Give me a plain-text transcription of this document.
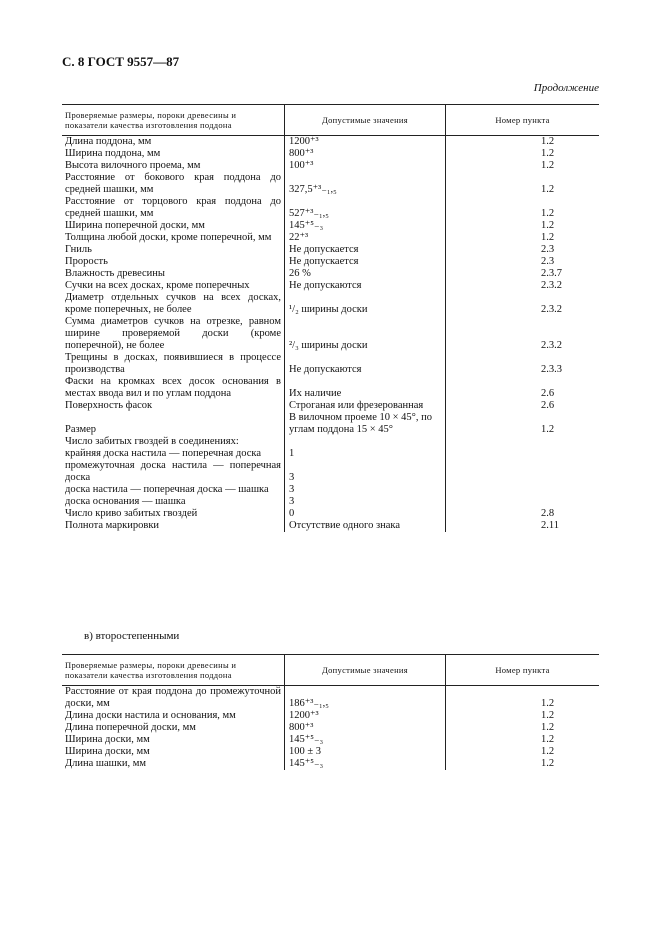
С. 8 ГОСТ 9557—87
Продолжение
Проверяемые размеры, пороки древесины и показатели качества изготовления поддона	Допустимые значения	Номер пункта
Длина поддона, мм	1200⁺³	1.2
Ширина поддона, мм	800⁺³	1.2
Высота вилочного проема, мм	100⁺³	1.2
Расстояние от бокового края поддона до средней шашки, мм	327,5⁺³₋₁,₅	1.2
Расстояние от торцового края поддона до средней шашки, мм	527⁺³₋₁,₅	1.2
Ширина поперечной доски, мм	145⁺⁵₋₃	1.2
Толщина любой доски, кроме поперечной, мм	22⁺³	1.2
Гниль	Не допускается	2.3
Прорость	Не допускается	2.3
Влажность древесины	26 %	2.3.7
Сучки на всех досках, кроме поперечных	Не допускаются	2.3.2
Диаметр отдельных сучков на всех досках, кроме поперечных, не более	¹/₂ ширины доски	2.3.2
Сумма диаметров сучков на отрезке, равном ширине проверяемой доски (кроме поперечной), не более	²/₃ ширины доски	2.3.2
Трещины в досках, появившиеся в процессе производства	Не допускаются	2.3.3
Фаски на кромках всех досок основания в местах ввода вил и по углам поддона	Их наличие	2.6
Поверхность фасок	Строганая или фрезерованная	2.6
Размер	В вилочном проеме 10 × 45°, по углам поддона 15 × 45°	1.2
Число забитых гвоздей в соединениях:		
крайняя доска настила — поперечная доска	1	
промежуточная доска настила — поперечная доска	3	
доска настила — поперечная доска — шашка	3	
доска основания — шашка	3	
Число криво забитых гвоздей	0	2.8
Полнота маркировки	Отсутствие одного знака	2.11
в) второстепенными
Проверяемые размеры, пороки древесины и показатели качества изготовления поддона	Допустимые значения	Номер пункта
Расстояние от края поддона до промежуточной доски, мм	186⁺³₋₁,₅	1.2
Длина доски настила и основания, мм	1200⁺³	1.2
Длина поперечной доски, мм	800⁺³	1.2
Ширина доски, мм	145⁺⁵₋₃	1.2
Ширина доски, мм	100 ± 3	1.2
Длина шашки, мм	145⁺⁵₋₃	1.2
